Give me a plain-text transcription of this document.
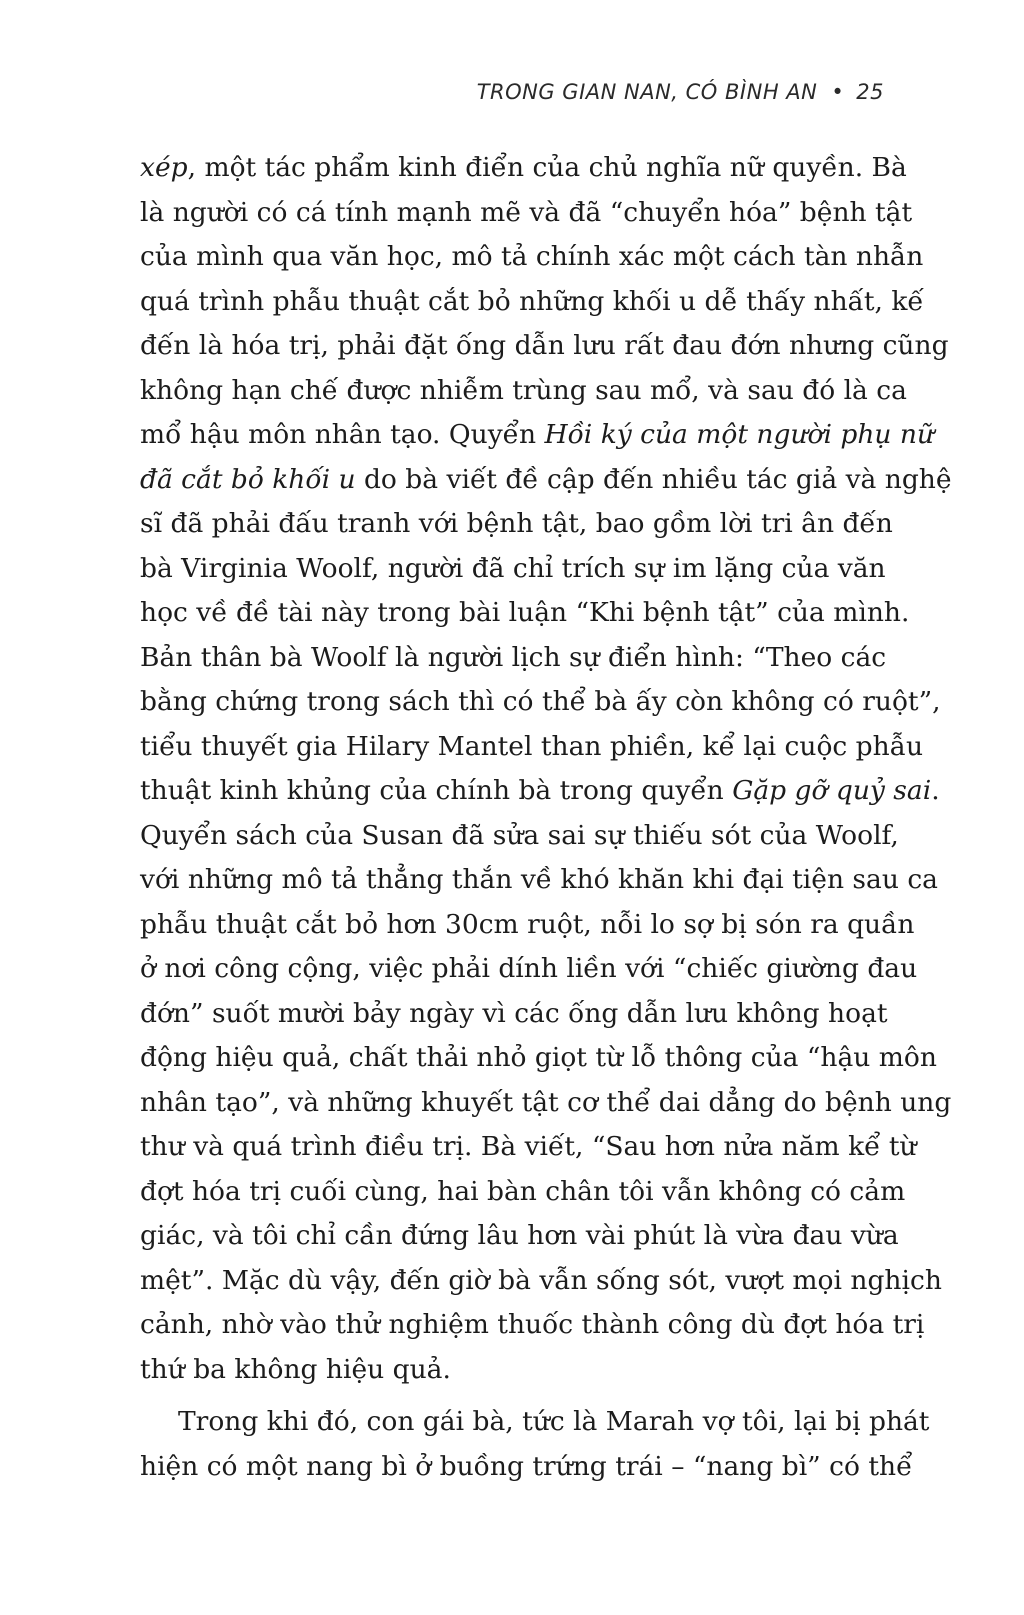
TRONG GIAN NAN, CÓ BÌNH AN • 25
xép, một tác phẩm kinh điển của chủ nghĩa nữ quyền. Bà
là người có cá tính mạnh mẽ và đã “chuyển hóa” bệnh tật
của mình qua văn học, mô tả chính xác một cách tàn nhẫn
quá trình phẫu thuật cắt bỏ những khối u dễ thấy nhất, kế
đến là hóa trị, phải đặt ống dẫn lưu rất đau đớn nhưng cũng
không hạn chế được nhiễm trùng sau mổ, và sau đó là ca
mổ hậu môn nhân tạo. Quyển Hồi ký của một người phụ nữ
đã cắt bỏ khối u do bà viết đề cập đến nhiều tác giả và nghệ
sĩ đã phải đấu tranh với bệnh tật, bao gồm lời tri ân đến
bà Virginia Woolf, người đã chỉ trích sự im lặng của văn
học về đề tài này trong bài luận “Khi bệnh tật” của mình.
Bản thân bà Woolf là người lịch sự điển hình: “Theo các
bằng chứng trong sách thì có thể bà ấy còn không có ruột”,
tiểu thuyết gia Hilary Mantel than phiền, kể lại cuộc phẫu
thuật kinh khủng của chính bà trong quyển Gặp gỡ quỷ sai.
Quyển sách của Susan đã sửa sai sự thiếu sót của Woolf,
với những mô tả thẳng thắn về khó khăn khi đại tiện sau ca
phẫu thuật cắt bỏ hơn 30cm ruột, nỗi lo sợ bị són ra quần
ở nơi công cộng, việc phải dính liền với “chiếc giường đau
đớn” suốt mười bảy ngày vì các ống dẫn lưu không hoạt
động hiệu quả, chất thải nhỏ giọt từ lỗ thông của “hậu môn
nhân tạo”, và những khuyết tật cơ thể dai dẳng do bệnh ung
thư và quá trình điều trị. Bà viết, “Sau hơn nửa năm kể từ
đợt hóa trị cuối cùng, hai bàn chân tôi vẫn không có cảm
giác, và tôi chỉ cần đứng lâu hơn vài phút là vừa đau vừa
mệt”. Mặc dù vậy, đến giờ bà vẫn sống sót, vượt mọi nghịch
cảnh, nhờ vào thử nghiệm thuốc thành công dù đợt hóa trị
thứ ba không hiệu quả.
Trong khi đó, con gái bà, tức là Marah vợ tôi, lại bị phát
hiện có một nang bì ở buồng trứng trái – “nang bì” có thể
